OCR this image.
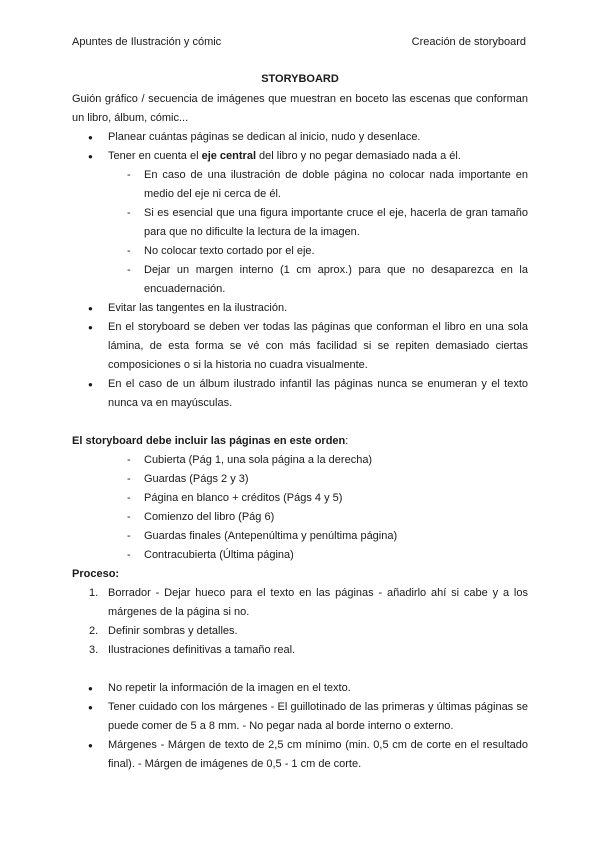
Apuntes de Ilustración y cómic	Creación de storyboard
STORYBOARD

Guión gráfico / secuencia de imágenes que muestran en boceto las escenas que conforman un libro, álbum, cómic...

● Planear cuántas páginas se dedican al inicio, nudo y desenlace.
● Tener en cuenta el eje central del libro y no pegar demasiado nada a él.
- En caso de una ilustración de doble página no colocar nada importante en medio del eje ni cerca de él.
- Si es esencial que una figura importante cruce el eje, hacerla de gran tamaño para que no dificulte la lectura de la imagen.
- No colocar texto cortado por el eje.
- Dejar un margen interno (1 cm aprox.) para que no desaparezca en la encuadernación.
● Evitar las tangentes en la ilustración.
● En el storyboard se deben ver todas las páginas que conforman el libro en una sola lámina, de esta forma se vé con más facilidad si se repiten demasiado ciertas composiciones o si la historia no cuadra visualmente.
● En el caso de un álbum ilustrado infantil las páginas nunca se enumeran y el texto nunca va en mayúsculas.

El storyboard debe incluir las páginas en este orden:

- Cubierta (Pág 1, una sola página a la derecha)
- Guardas (Págs 2 y 3)
- Página en blanco + créditos (Págs 4 y 5)
- Comienzo del libro (Pág 6)
- Guardas finales (Antepenúltima y penúltima página)
- Contracubierta (Última página)

Proceso:

1. Borrador - Dejar hueco para el texto en las páginas - añadirlo ahí si cabe y a los márgenes de la página si no.
2. Definir sombras y detalles.
3. Ilustraciones definitivas a tamaño real.
● No repetir la información de la imagen en el texto.
● Tener cuidado con los márgenes - El guillotinado de las primeras y últimas páginas se puede comer de 5 a 8 mm. - No pegar nada al borde interno o externo.
● Márgenes - Márgen de texto de 2,5 cm mínimo (min. 0,5 cm de corte en el resultado final). - Márgen de imágenes de 0,5 - 1 cm de corte.
